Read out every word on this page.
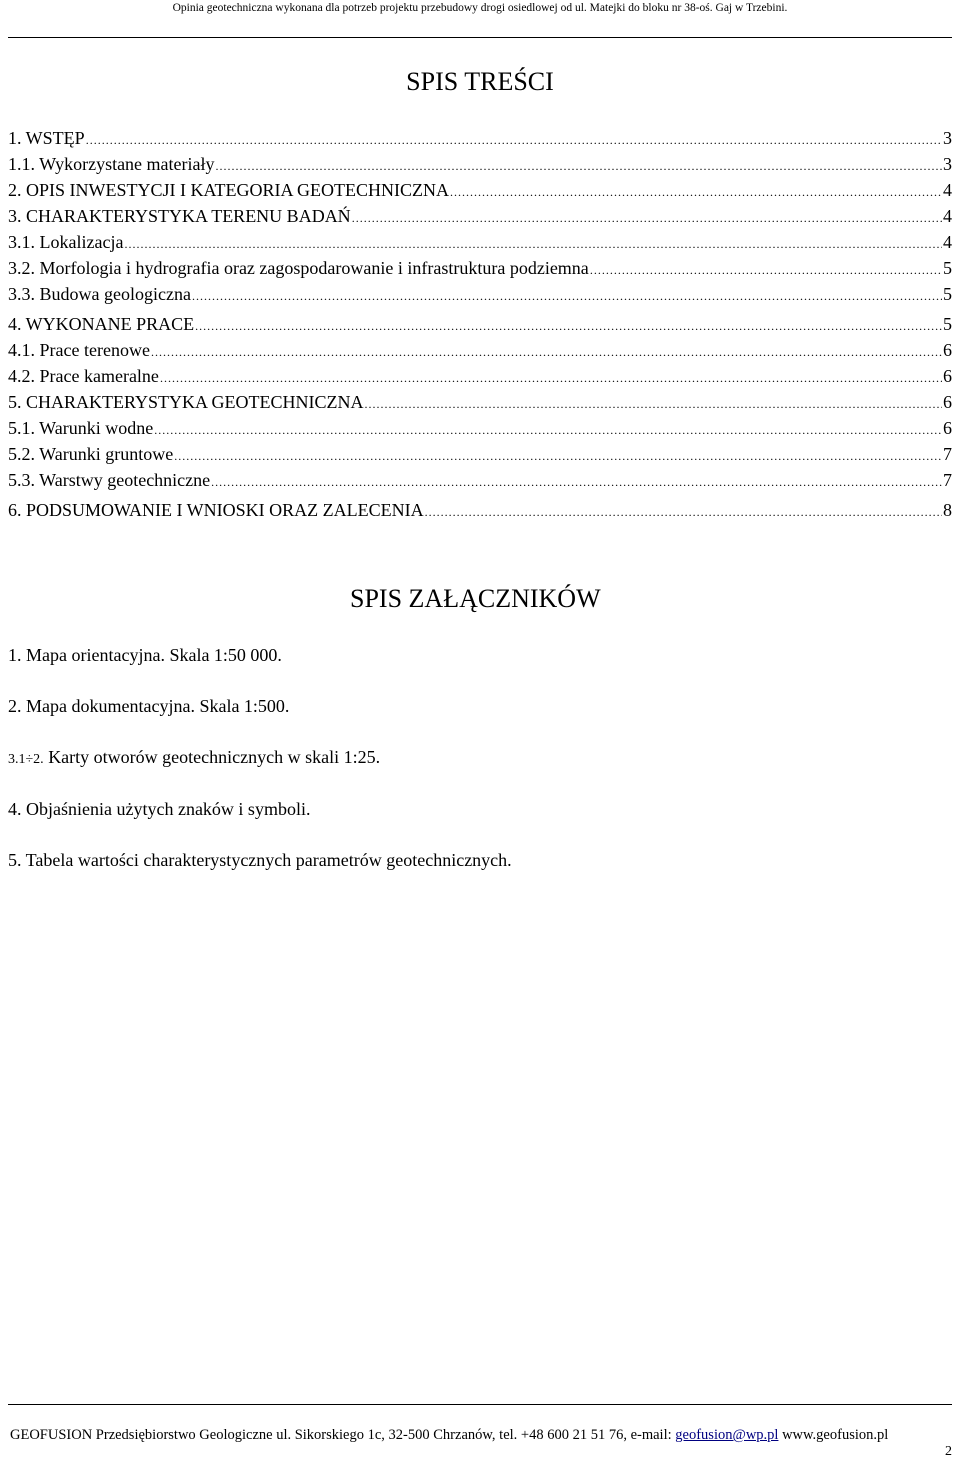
Opinia geotechniczna wykonana dla potrzeb projektu przebudowy drogi osiedlowej od ul. Matejki do bloku nr 38-oś. Gaj w Trzebini.
SPIS TREŚCI
1. WSTĘP .....	3
1.1. Wykorzystane materiały .....	3
2. OPIS INWESTYCJI I KATEGORIA GEOTECHNICZNA .....	4
3. CHARAKTERYSTYKA TERENU BADAŃ .....	4
3.1. Lokalizacja .....	4
3.2. Morfologia i hydrografia oraz zagospodarowanie i infrastruktura podziemna .....	5
3.3. Budowa geologiczna .....	5
4. WYKONANE PRACE .....	5
4.1. Prace terenowe .....	6
4.2. Prace kameralne .....	6
5. CHARAKTERYSTYKA GEOTECHNICZNA .....	6
5.1. Warunki wodne .....	6
5.2. Warunki gruntowe .....	7
5.3. Warstwy geotechniczne .....	7
6. PODSUMOWANIE I WNIOSKI ORAZ ZALECENIA .....	8
SPIS ZAŁĄCZNIKÓW
1. Mapa orientacyjna. Skala 1:50 000.
2. Mapa dokumentacyjna. Skala 1:500.
3.1÷2. Karty otworów geotechnicznych w skali 1:25.
4. Objaśnienia użytych znaków i symboli.
5. Tabela wartości charakterystycznych parametrów geotechnicznych.
GEOFUSION Przedsiębiorstwo Geologiczne ul. Sikorskiego 1c, 32-500 Chrzanów, tel. +48 600 21 51 76, e-mail: geofusion@wp.pl www.geofusion.pl
2
